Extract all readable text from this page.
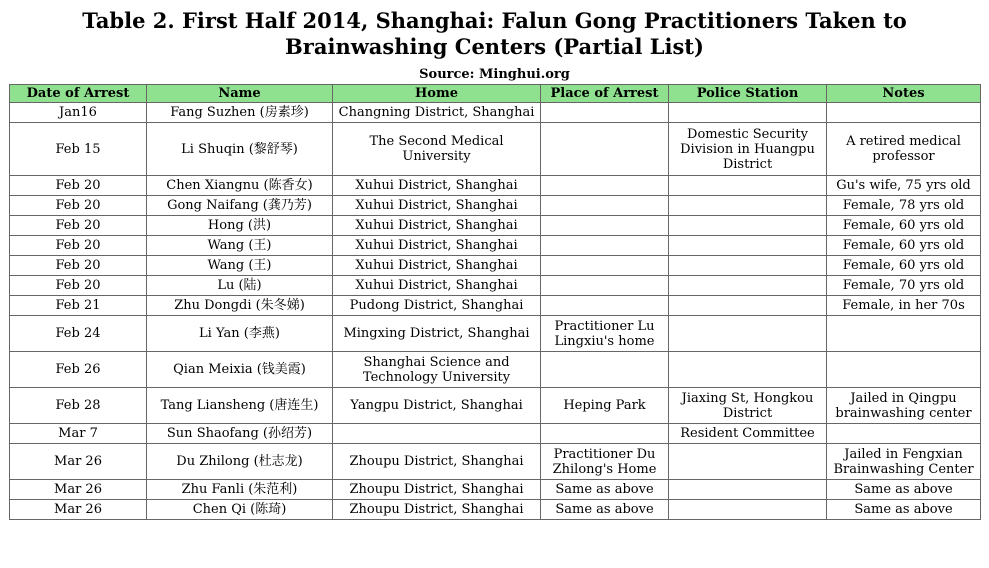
Table 2. First Half 2014, Shanghai: Falun Gong Practitioners Taken to Brainwashing Centers (Partial List)
Source: Minghui.org
Date of Arrest	Name	Home	Place of Arrest	Police Station	Notes
Jan16	Fang Suzhen (房素珍)	Changning District, Shanghai			
Feb 15	Li Shuqin (黎舒琴)	The Second Medical University		Domestic Security Division in Huangpu District	A retired medical professor
Feb 20	Chen Xiangnu (陈香女)	Xuhui District, Shanghai			Gu's wife, 75 yrs old
Feb 20	Gong Naifang (龚乃芳)	Xuhui District, Shanghai			Female, 78 yrs old
Feb 20	Hong (洪)	Xuhui District, Shanghai			Female, 60 yrs old
Feb 20	Wang (王)	Xuhui District, Shanghai			Female, 60 yrs old
Feb 20	Wang (王)	Xuhui District, Shanghai			Female, 60 yrs old
Feb 20	Lu (陆)	Xuhui District, Shanghai			Female, 70 yrs old
Feb 21	Zhu Dongdi (朱冬娣)	Pudong District, Shanghai			Female, in her 70s
Feb 24	Li Yan (李燕)	Mingxing District, Shanghai	Practitioner Lu Lingxiu's home		
Feb 26	Qian Meixia (钱美霞)	Shanghai Science and Technology University			
Feb 28	Tang Liansheng (唐连生)	Yangpu District, Shanghai	Heping Park	Jiaxing St, Hongkou District	Jailed in Qingpu brainwashing center
Mar 7	Sun Shaofang (孙绍芳)			Resident Committee	
Mar 26	Du Zhilong (杜志龙)	Zhoupu District, Shanghai	Practitioner Du Zhilong's Home		Jailed in Fengxian Brainwashing Center
Mar 26	Zhu Fanli (朱范利)	Zhoupu District, Shanghai	Same as above		Same as above
Mar 26	Chen Qi (陈琦)	Zhoupu District, Shanghai	Same as above		Same as above
